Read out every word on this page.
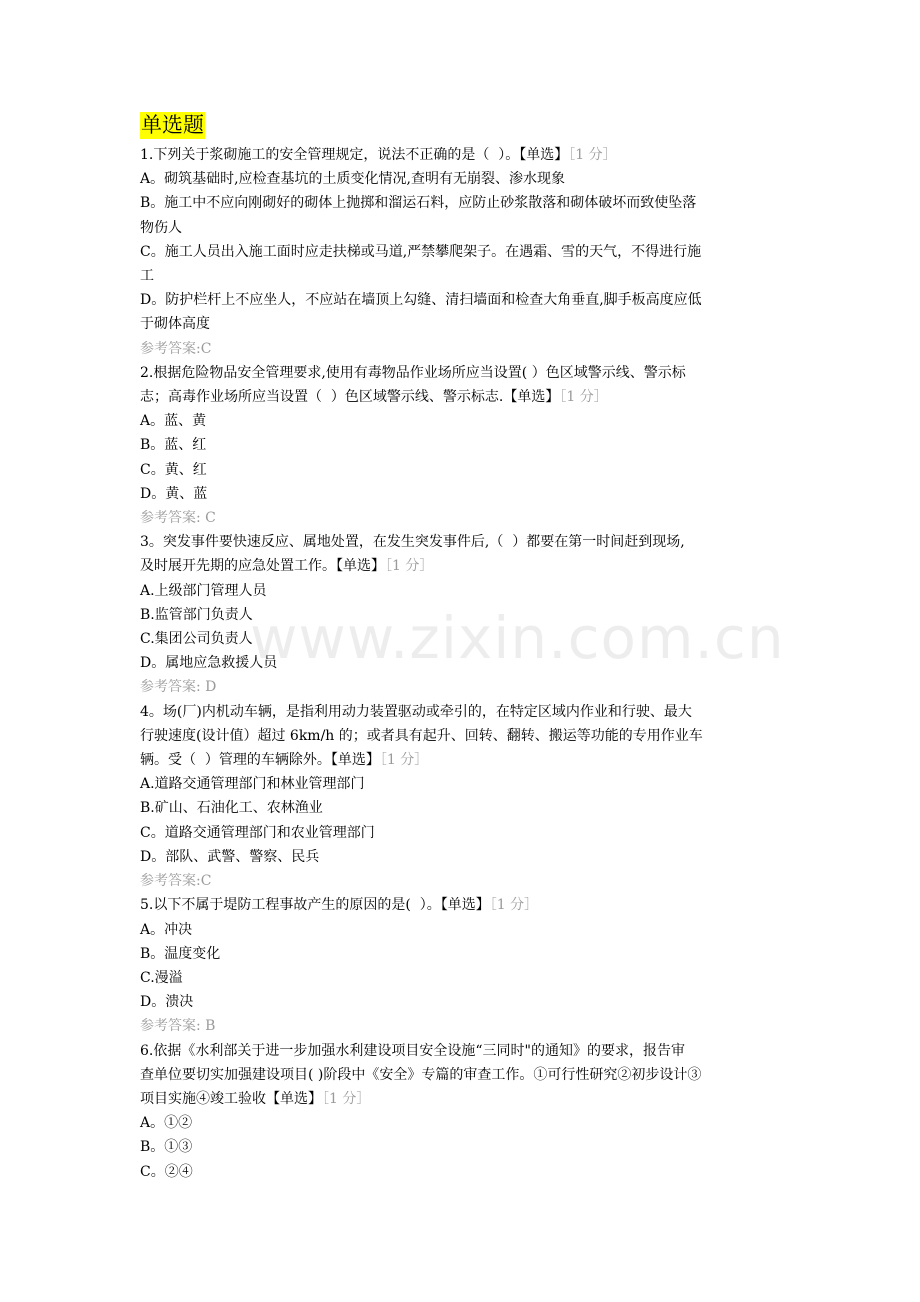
www.zixin.com.cn
单选题
1.下列关于浆砌施工的安全管理规定，说法不正确的是（  ）。【单选】［1 分］
A。砌筑基础时,应检查基坑的土质变化情况,查明有无崩裂、渗水现象
B。施工中不应向刚砌好的砌体上抛掷和溜运石料，应防止砂浆散落和砌体破坏而致使坠落
物伤人
C。施工人员出入施工面时应走扶梯或马道,严禁攀爬架子。在遇霜、雪的天气，不得进行施
工
D。防护栏杆上不应坐人，不应站在墙顶上勾缝、清扫墙面和检查大角垂直,脚手板高度应低
于砌体高度
参考答案:C
2.根据危险物品安全管理要求,使用有毒物品作业场所应当设置( ）色区域警示线、警示标
志；高毒作业场所应当设置（  ）色区域警示线、警示标志.【单选】［1 分］
A。蓝、黄
B。蓝、红
C。黄、红
D。黄、蓝
参考答案: C
3。突发事件要快速反应、属地处置，在发生突发事件后,（  ）都要在第一时间赶到现场,
及时展开先期的应急处置工作。【单选】［1 分］
A.上级部门管理人员
B.监管部门负责人
C.集团公司负责人
D。属地应急救援人员
参考答案: D
4。场(厂)内机动车辆，是指利用动力装置驱动或牵引的，在特定区域内作业和行驶、最大
行驶速度(设计值）超过 6km/h 的；或者具有起升、回转、翻转、搬运等功能的专用作业车
辆。受（  ）管理的车辆除外。【单选】［1 分］
A.道路交通管理部门和林业管理部门
B.矿山、石油化工、农林渔业
C。道路交通管理部门和农业管理部门
D。部队、武警、警察、民兵
参考答案:C
5.以下不属于堤防工程事故产生的原因的是(  ）。【单选】［1 分］
A。冲决
B。温度变化
C.漫溢
D。溃决
参考答案: B
6.依据《水利部关于进一步加强水利建设项目安全设施“三同时"的通知》的要求，报告审
查单位要切实加强建设项目( )阶段中《安全》专篇的审查工作。①可行性研究②初步设计③
项目实施④竣工验收【单选】［1 分］
A。①②
B。①③
C。②④
